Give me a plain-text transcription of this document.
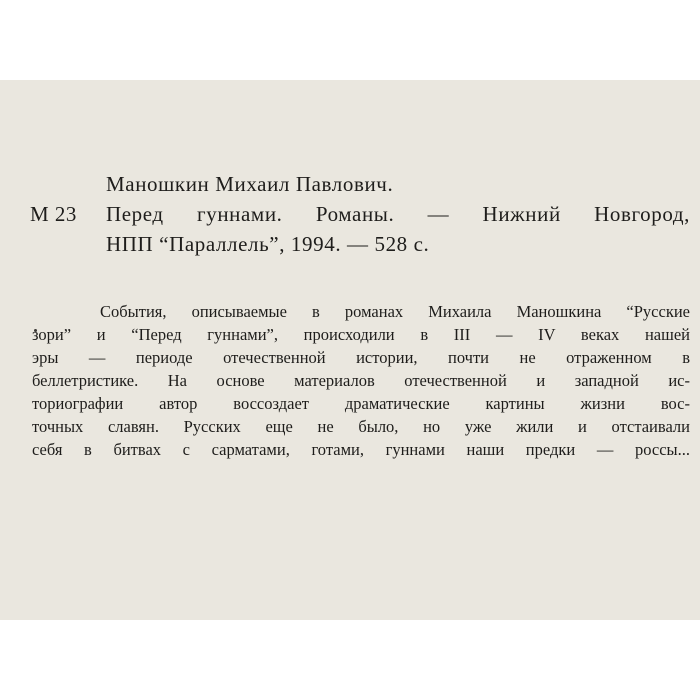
Маношкин Михаил Павлович.
М 23 Перед гуннами. Романы. — Нижний Новгород,
НПП “Параллель”, 1994. — 528 с.
События, описываемые в романах Михаила Маношкина “Русские
зори” и “Перед гуннами”, происходили в III — IV веках нашей
эры — периоде отечественной истории, почти не отраженном в
беллетристике. На основе материалов отечественной и западной ис-
ториографии автор воссоздает драматические картины жизни вос-
точных славян. Русских еще не было, но уже жили и отстаивали
себя в битвах с сарматами, готами, гуннами наши предки — россы...
